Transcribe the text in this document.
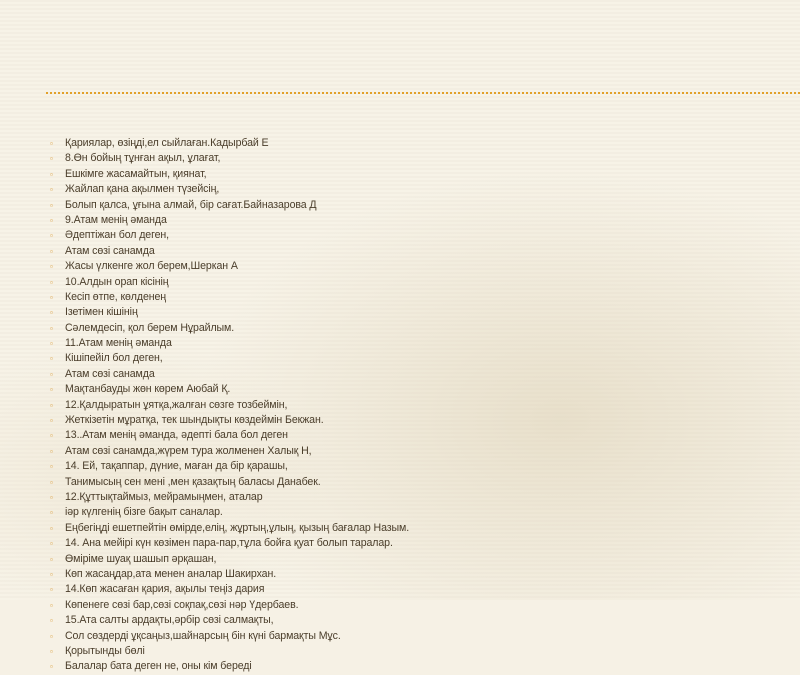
▫ Қариялар, өзіңді,ел сыйлаған.Кадырбай Е
▫ 8.Өн бойың тұнған ақыл, ұлағат,
▫ Ешкімге жасамайтын, қиянат,
▫ Жайлап қана ақылмен түзейсің,
▫ Болып қалса, ұғына алмай, бір сағат.Байназарова Д
▫ 9.Атам менің әманда
▫ Әдептіжан бол деген,
▫ Атам сөзі санамда
▫ Жасы үлкенге жол берем,Шеркан А
▫ 10.Алдын орап кісінің
▫ Кесіп өтпе, көлденең
▫ Ізетімен кішінің
▫ Сәлемдесіп, қол берем Нұрайлым.
▫ 11.Атам менің әманда
▫ Кішіпейіл бол деген,
▫ Атам сөзі санамда
▫ Мақтанбауды жөн көрем Аюбай Қ.
▫ 12.Қалдыратын ұятқа,жалған сөзге тозбеймін,
▫ Жеткізетін мұратқа, тек шындықты көздеймін Бекжан.
▫ 13..Атам менің әманда, әдепті бала бол деген
▫ Атам сөзі санамда,жүрем тура жолменен Халық Н,
▫ 14. Ей, тақаппар, дүние, маған да бір қарашы,
▫ Танимысың сен мені ,мен қазақтың баласы Данабек.
▫ 12.Құттықтаймыз, мейрамыңмен, аталар
▫ іәр күлгенің бізге бақыт саналар.
▫ Еңбегіңді ешетпейтін өмірде,елің, жұртың,ұлың, қызың бағалар Назым.
▫ 14. Ана мейірі күн көзімен пара-пар,тұла бойға қуат болып таралар.
▫ Өміріме шуақ шашып әрқашан,
▫ Көп жасаңдар,ата менен аналар Шакирхан.
▫ 14.Көп жасаған қария, ақылы теңіз дария
▫ Көпенеге сөзі бар,сөзі соқпақ,сөзі нәр Үдербаев.
▫ 15.Ата салты ардақты,әрбір сөзі салмақты,
▫ Сол сөздерді ұқсаңыз,шайнарсың бін күні бармақты Мұс.
▫ Қорытынды бөлі
▫ Балалар бата деген не, оны кім береді
